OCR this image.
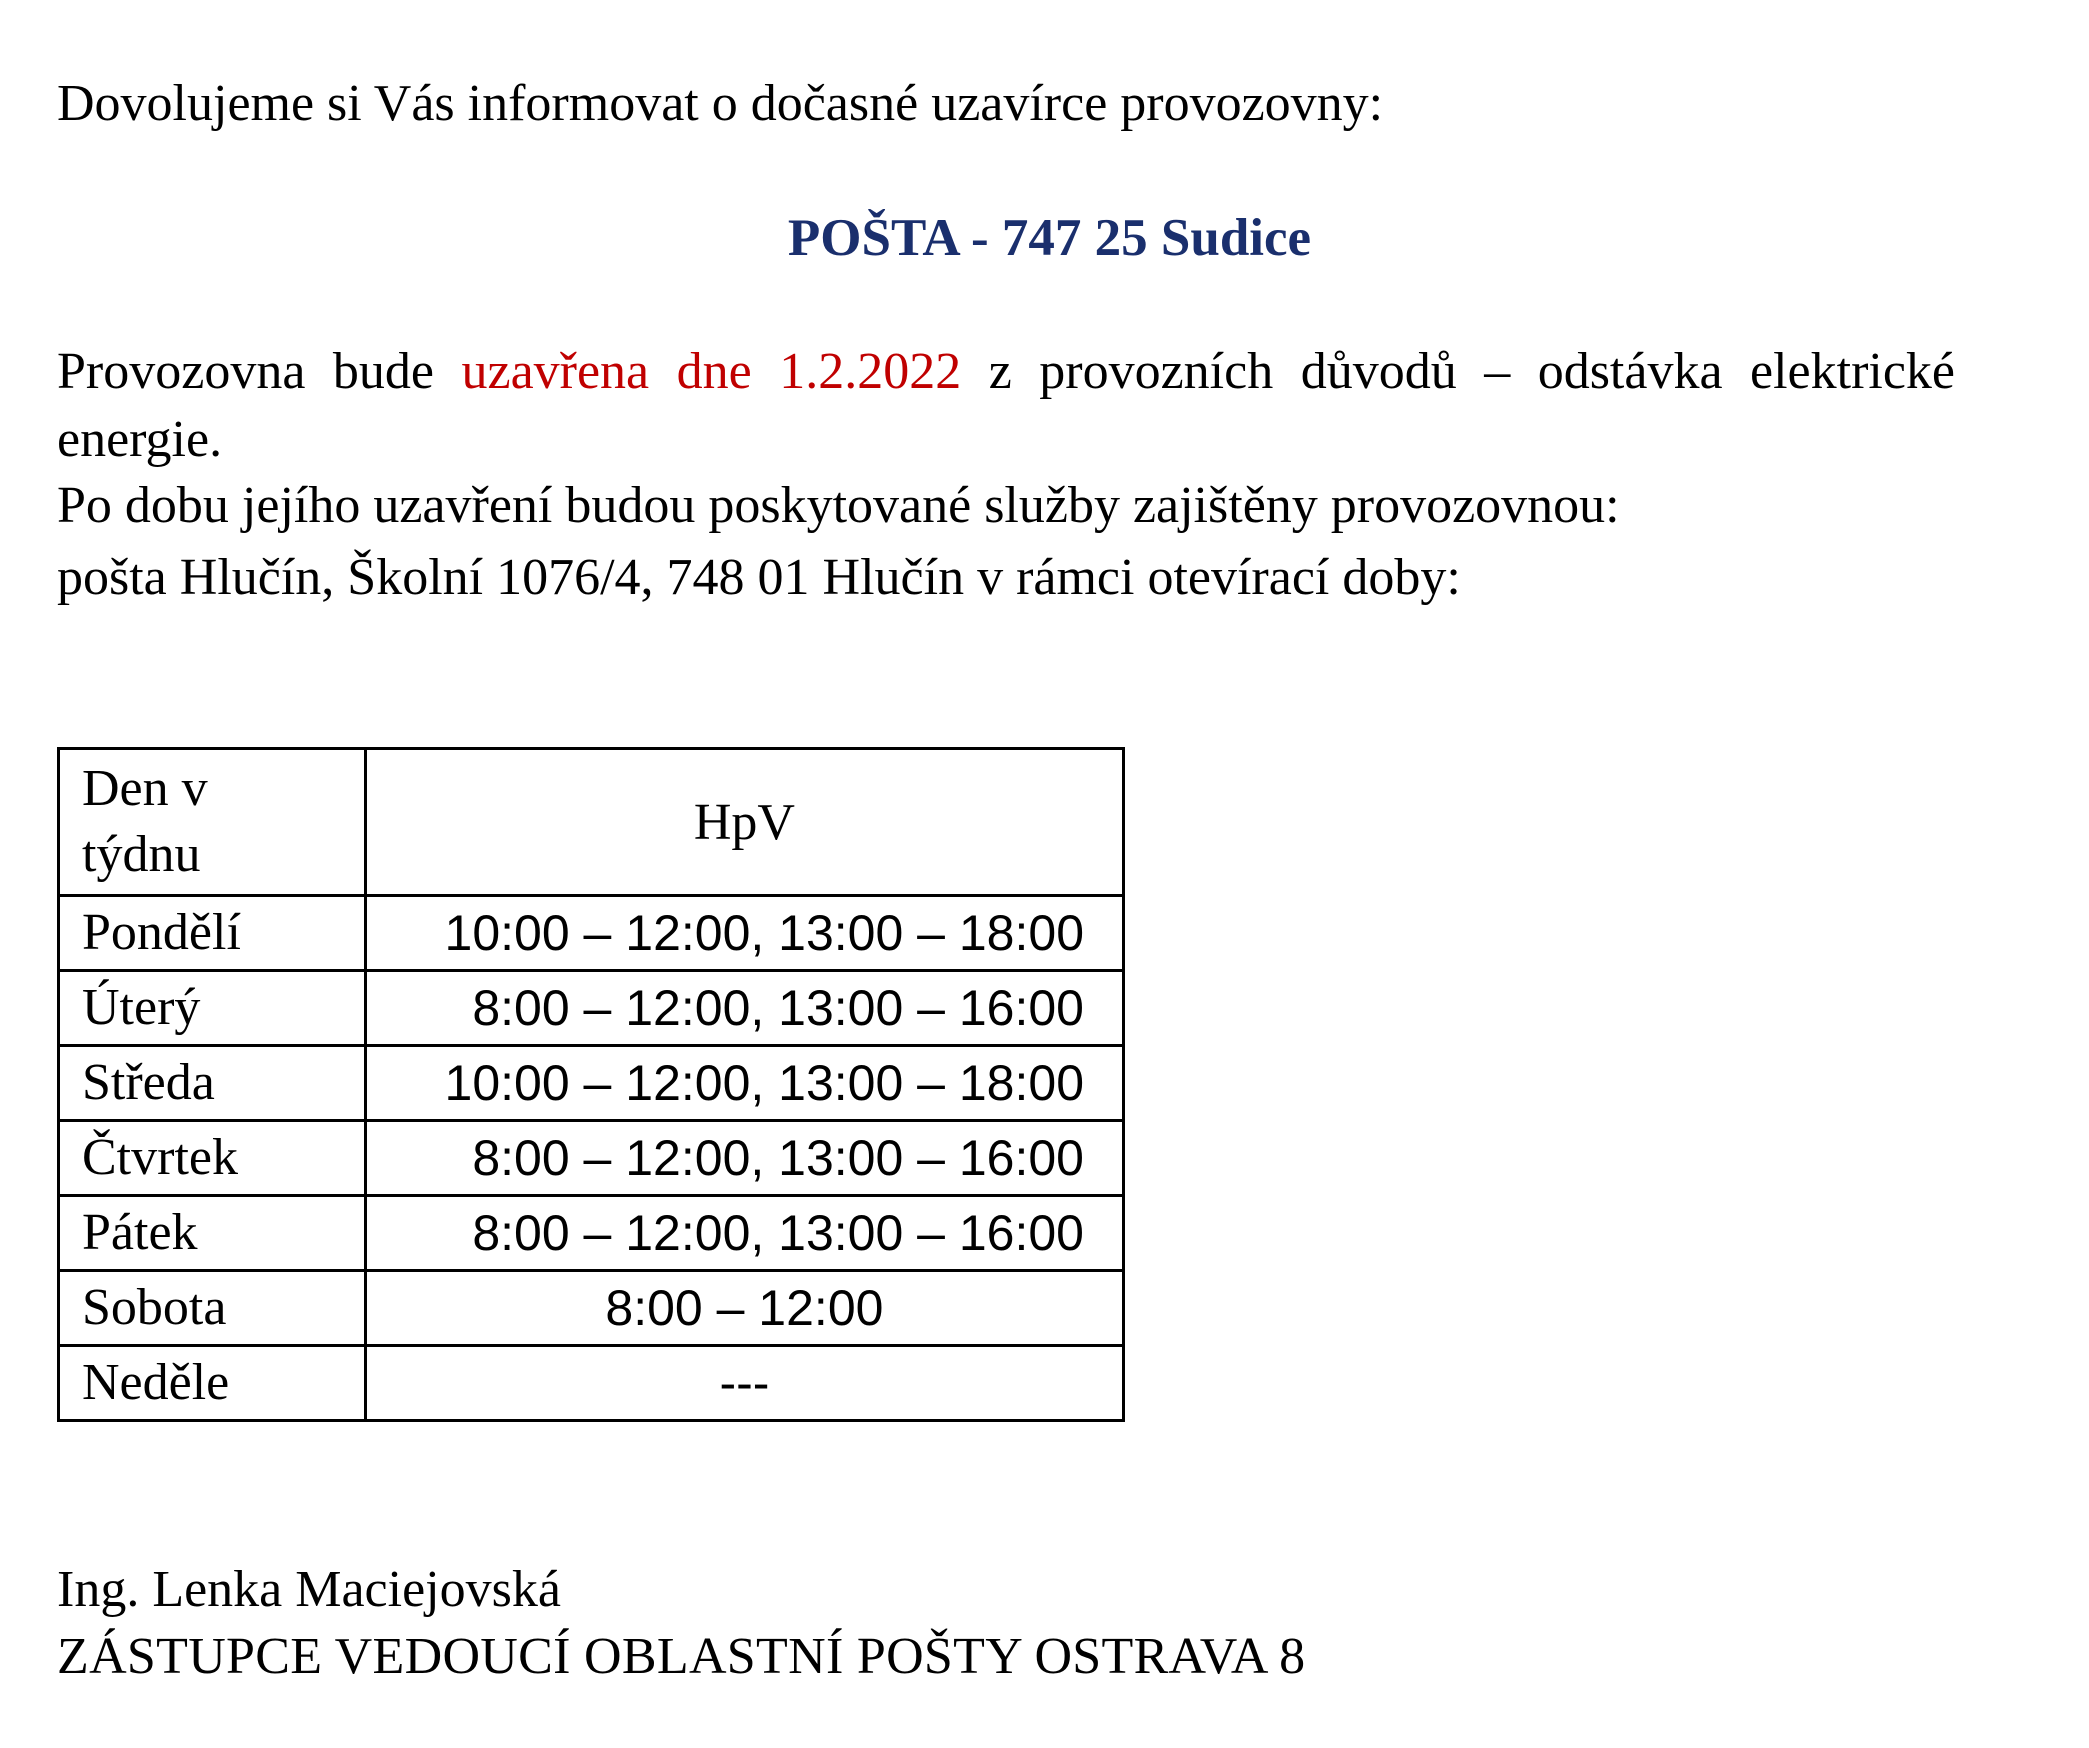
Dovolujeme si Vás informovat o dočasné uzavírce provozovny:
POŠTA - 747 25 Sudice
Provozovna bude uzavřena dne 1.2.2022 z provozních důvodů – odstávka elektrické energie.
Po dobu jejího uzavření budou poskytované služby zajištěny provozovnou:
pošta Hlučín, Školní 1076/4, 748 01 Hlučín v rámci otevírací doby:
Den v
týdnu	HpV
Pondělí	10:00 – 12:00, 13:00 – 18:00
Úterý	8:00 – 12:00, 13:00 – 16:00
Středa	10:00 – 12:00, 13:00 – 18:00
Čtvrtek	8:00 – 12:00, 13:00 – 16:00
Pátek	8:00 – 12:00, 13:00 – 16:00
Sobota	8:00 – 12:00
Neděle	---
Ing. Lenka Maciejovská
ZÁSTUPCE VEDOUCÍ OBLASTNÍ POŠTY OSTRAVA 8
